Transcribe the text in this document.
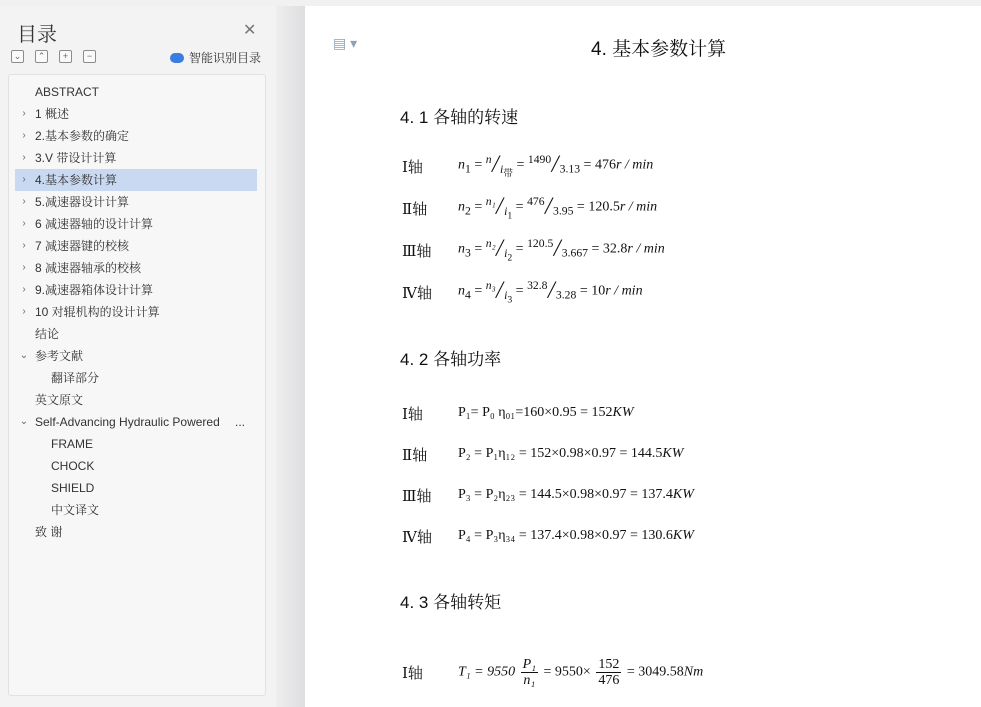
目录	✕
⌄	⌃	+	−	智能识别目录
ABSTRACT
› 1 概述
› 2.基本参数的确定
› 3.V 带设计计算
› 4.基本参数计算
› 5.减速器设计计算
› 6 减速器轴的设计计算
› 7 减速器键的校核
› 8 减速器轴承的校核
› 9.减速器箱体设计计算
› 10 对辊机构的设计计算
结论
⌄ 参考文献
翻译部分
英文原文
⌄ Self-Advancing Hydraulic Powered ...
FRAME
CHOCK
SHIELD
中文译文
致 谢
▤ ▾	4. 基本参数计算
4. 1 各轴的转速
Ⅰ轴	$n_1$ = $^n╱_{i_带}$ = $^{1490}╱_{3.13} = 476r / \min$
Ⅱ轴	$n_2$ = $^{n_1}╱_{i_1}$ = $^{476}╱_{3.95} = 120.5r / \min$
Ⅲ轴	$n_3$ = $^{n_2}╱_{i_2}$ = $^{120.5}╱_{3.667} = 32.8r / \min$
Ⅳ轴	$n_4$ = $^{n_3}╱_{i_3}$ = $^{32.8}╱_{3.28} = 10r / \min$
4. 2 各轴功率
Ⅰ轴	P₁= P₀ η₀₁=160×0.95 = 152KW
Ⅱ轴	P₂ = P₁η₁₂ = 152×0.98×0.97 = 144.5KW
Ⅲ轴	P₃ = P₂η₂₃ = 144.5×0.98×0.97 = 137.4KW
Ⅳ轴	P₄ = P₃η₃₄ = 137.4×0.98×0.97 = 130.6KW
4. 3 各轴转矩
Ⅰ轴	$T_1 = 9550 \frac{\text{P₁}}{\text{n₁}} = 9550\times \frac{152}{476} = 3049.58Nm$
